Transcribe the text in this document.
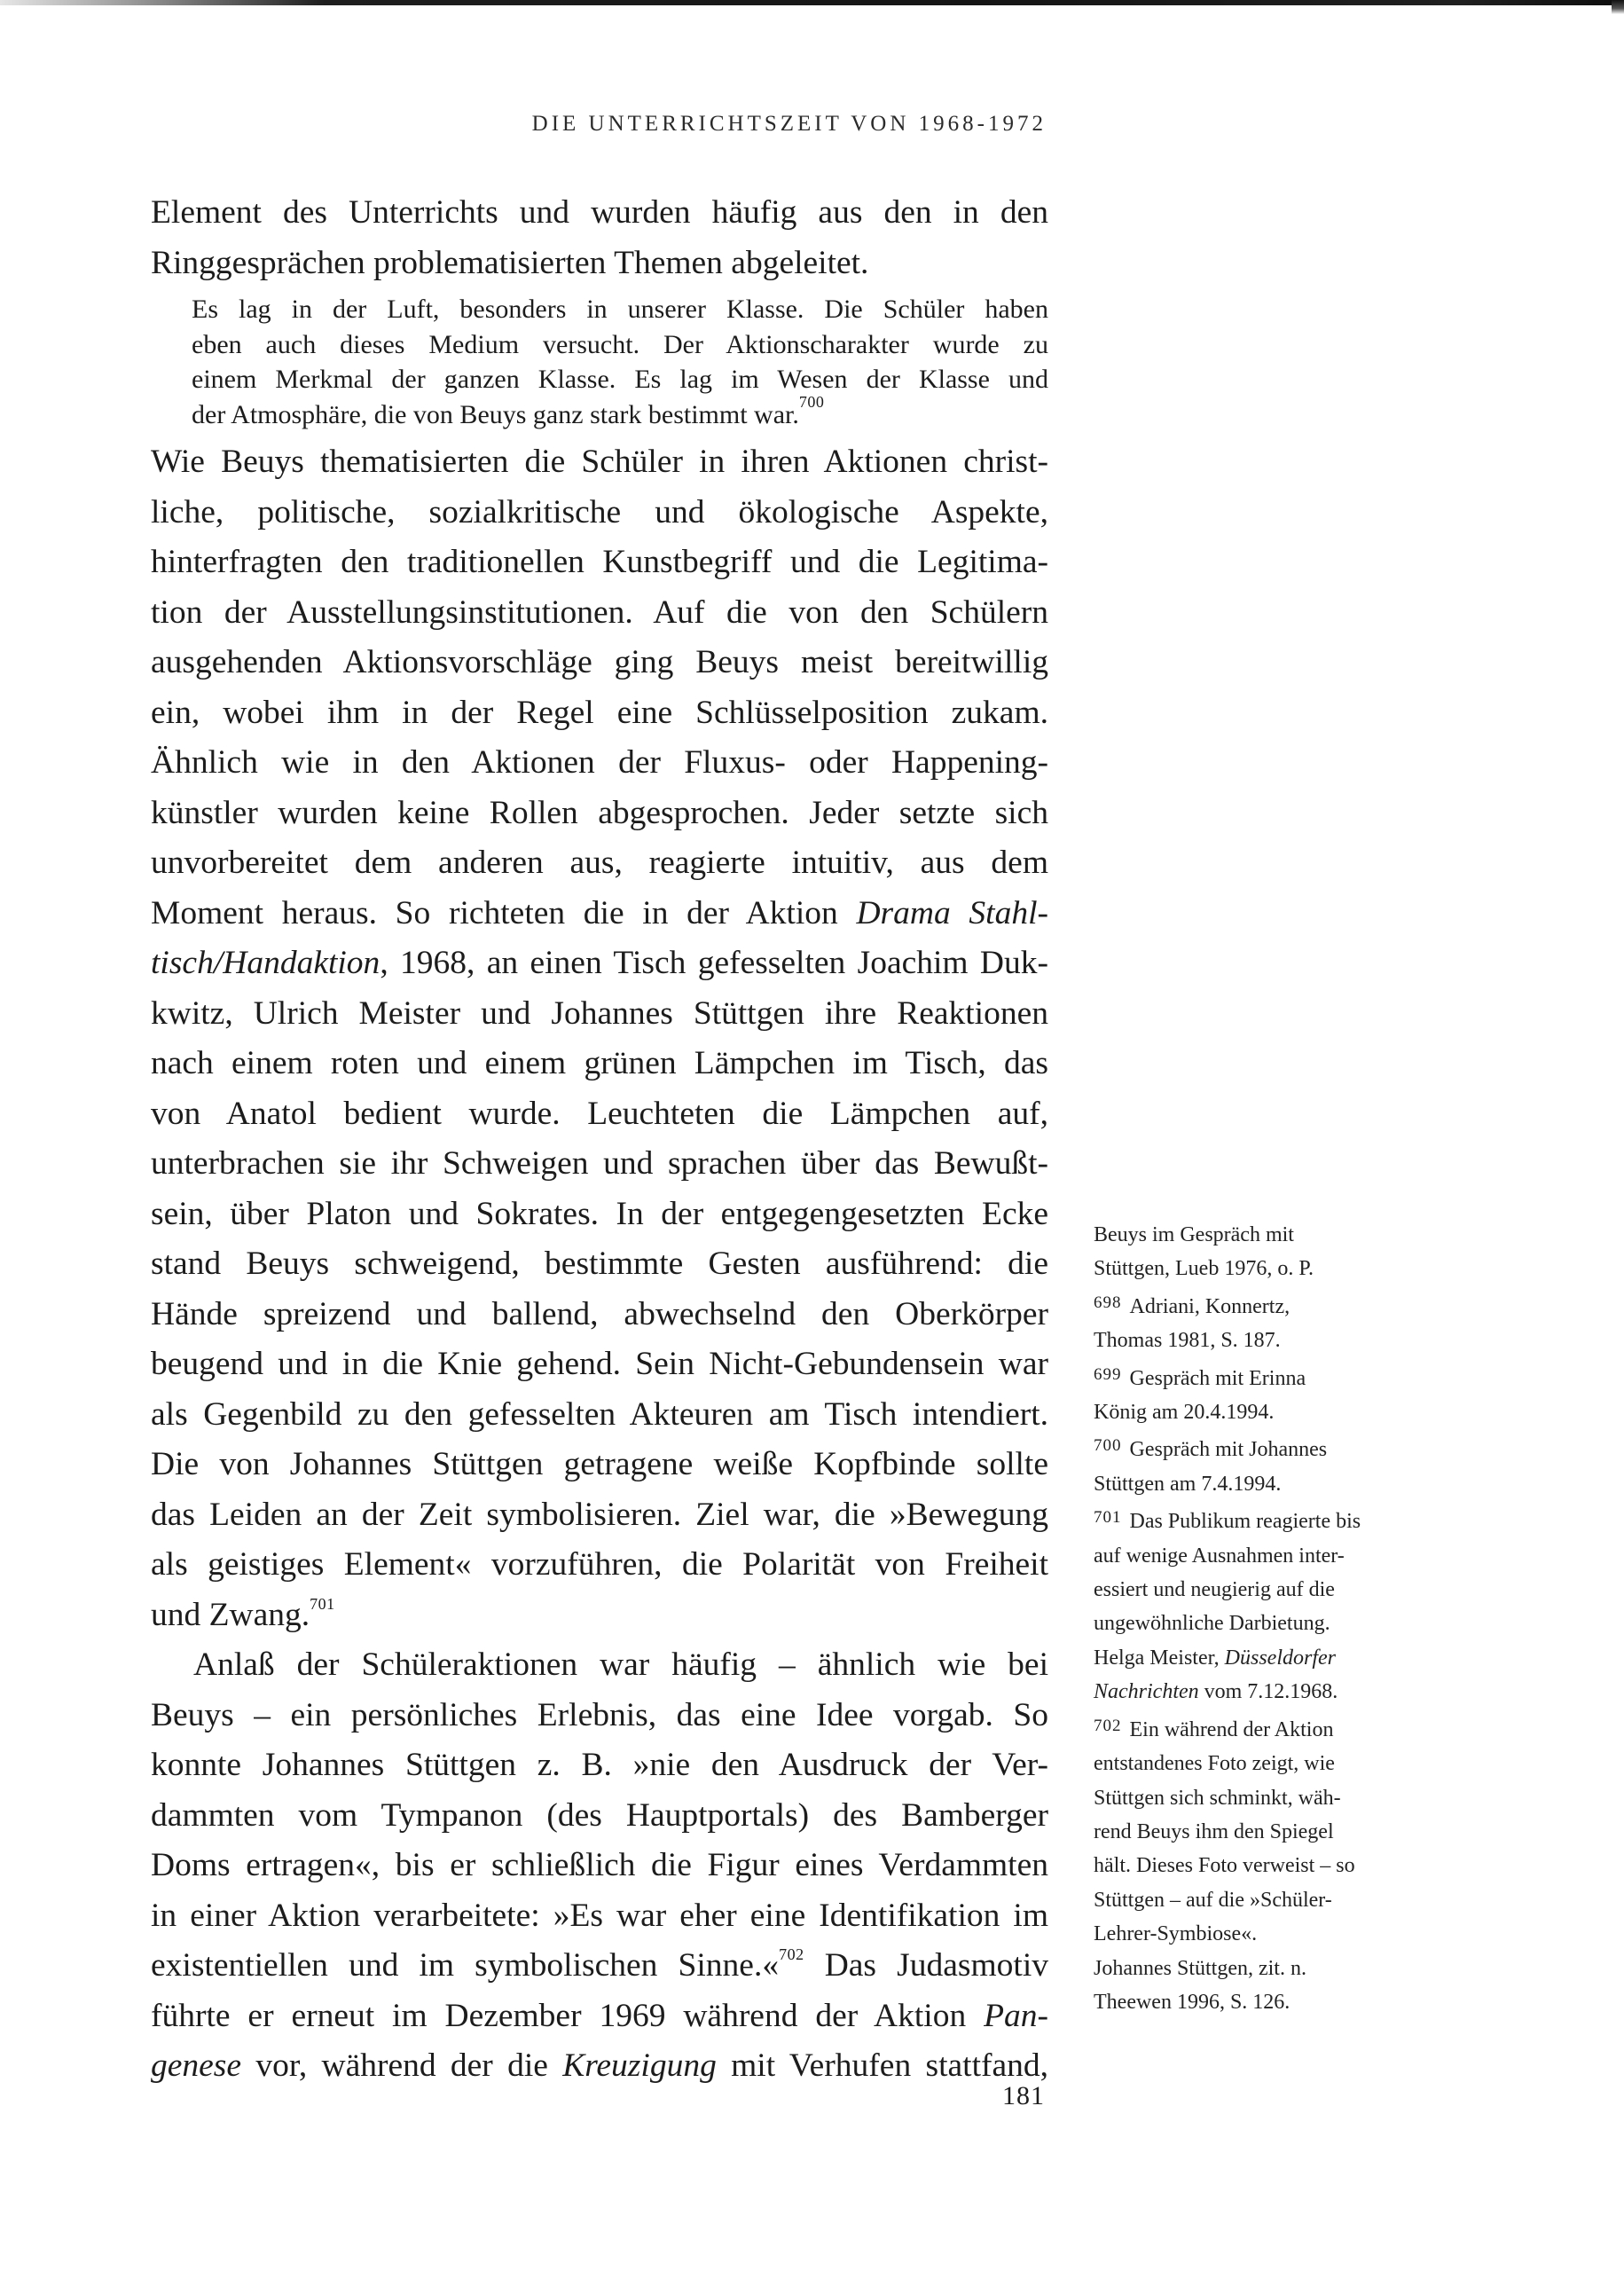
DIE UNTERRICHTSZEIT VON 1968-1972

Element des Unterrichts und wurden häufig aus den in den
Ringgesprächen problematisierten Themen abgeleitet.

Es lag in der Luft, besonders in unserer Klasse. Die Schüler haben
eben auch dieses Medium versucht. Der Aktionscharakter wurde zu
einem Merkmal der ganzen Klasse. Es lag im Wesen der Klasse und
der Atmosphäre, die von Beuys ganz stark bestimmt war.$^{700}$

Wie Beuys thematisierten die Schüler in ihren Aktionen christ-
liche, politische, sozialkritische und ökologische Aspekte,
hinterfragten den traditionellen Kunstbegriff und die Legitima-
tion der Ausstellungsinstitutionen. Auf die von den Schülern
ausgehenden Aktionsvorschläge ging Beuys meist bereitwillig
ein, wobei ihm in der Regel eine Schlüsselposition zukam.
Ähnlich wie in den Aktionen der Fluxus- oder Happening-
künstler wurden keine Rollen abgesprochen. Jeder setzte sich
unvorbereitet dem anderen aus, reagierte intuitiv, aus dem
Moment heraus. So richteten die in der Aktion Drama Stahl-
tisch/Handaktion, 1968, an einen Tisch gefesselten Joachim Duk-
kwitz, Ulrich Meister und Johannes Stüttgen ihre Reaktionen
nach einem roten und einem grünen Lämpchen im Tisch, das
von Anatol bedient wurde. Leuchteten die Lämpchen auf,
unterbrachen sie ihr Schweigen und sprachen über das Bewußt-
sein, über Platon und Sokrates. In der entgegengesetzten Ecke
stand Beuys schweigend, bestimmte Gesten ausführend: die
Hände spreizend und ballend, abwechselnd den Oberkörper
beugend und in die Knie gehend. Sein Nicht-Gebundensein war
als Gegenbild zu den gefesselten Akteuren am Tisch intendiert.
Die von Johannes Stüttgen getragene weiße Kopfbinde sollte
das Leiden an der Zeit symbolisieren. Ziel war, die »Bewegung
als geistiges Element« vorzuführen, die Polarität von Freiheit
und Zwang.$^{701}$

Anlaß der Schüleraktionen war häufig – ähnlich wie bei
Beuys – ein persönliches Erlebnis, das eine Idee vorgab. So
konnte Johannes Stüttgen z. B. »nie den Ausdruck der Ver-
dammten vom Tympanon (des Hauptportals) des Bamberger
Doms ertragen«, bis er schließlich die Figur eines Verdammten
in einer Aktion verarbeitete: »Es war eher eine Identifikation im
existentiellen und im symbolischen Sinne.«$^{702}$ Das Judasmotiv
führte er erneut im Dezember 1969 während der Aktion Pan-
genese vor, während der die Kreuzigung mit Verhufen stattfand,

Beuys im Gespräch mit
Stüttgen, Lueb 1976, o. P.
$^{698}$ Adriani, Konnertz,
Thomas 1981, S. 187.
$^{699}$ Gespräch mit Erinna
König am 20.4.1994.
$^{700}$ Gespräch mit Johannes
Stüttgen am 7.4.1994.
$^{701}$ Das Publikum reagierte bis
auf wenige Ausnahmen inter-
essiert und neugierig auf die
ungewöhnliche Darbietung.
Helga Meister, Düsseldorfer
Nachrichten vom 7.12.1968.
$^{702}$ Ein während der Aktion
entstandenes Foto zeigt, wie
Stüttgen sich schminkt, wäh-
rend Beuys ihm den Spiegel
hält. Dieses Foto verweist – so
Stüttgen – auf die »Schüler-
Lehrer-Symbiose«.
Johannes Stüttgen, zit. n.
Theewen 1996, S. 126.
181
